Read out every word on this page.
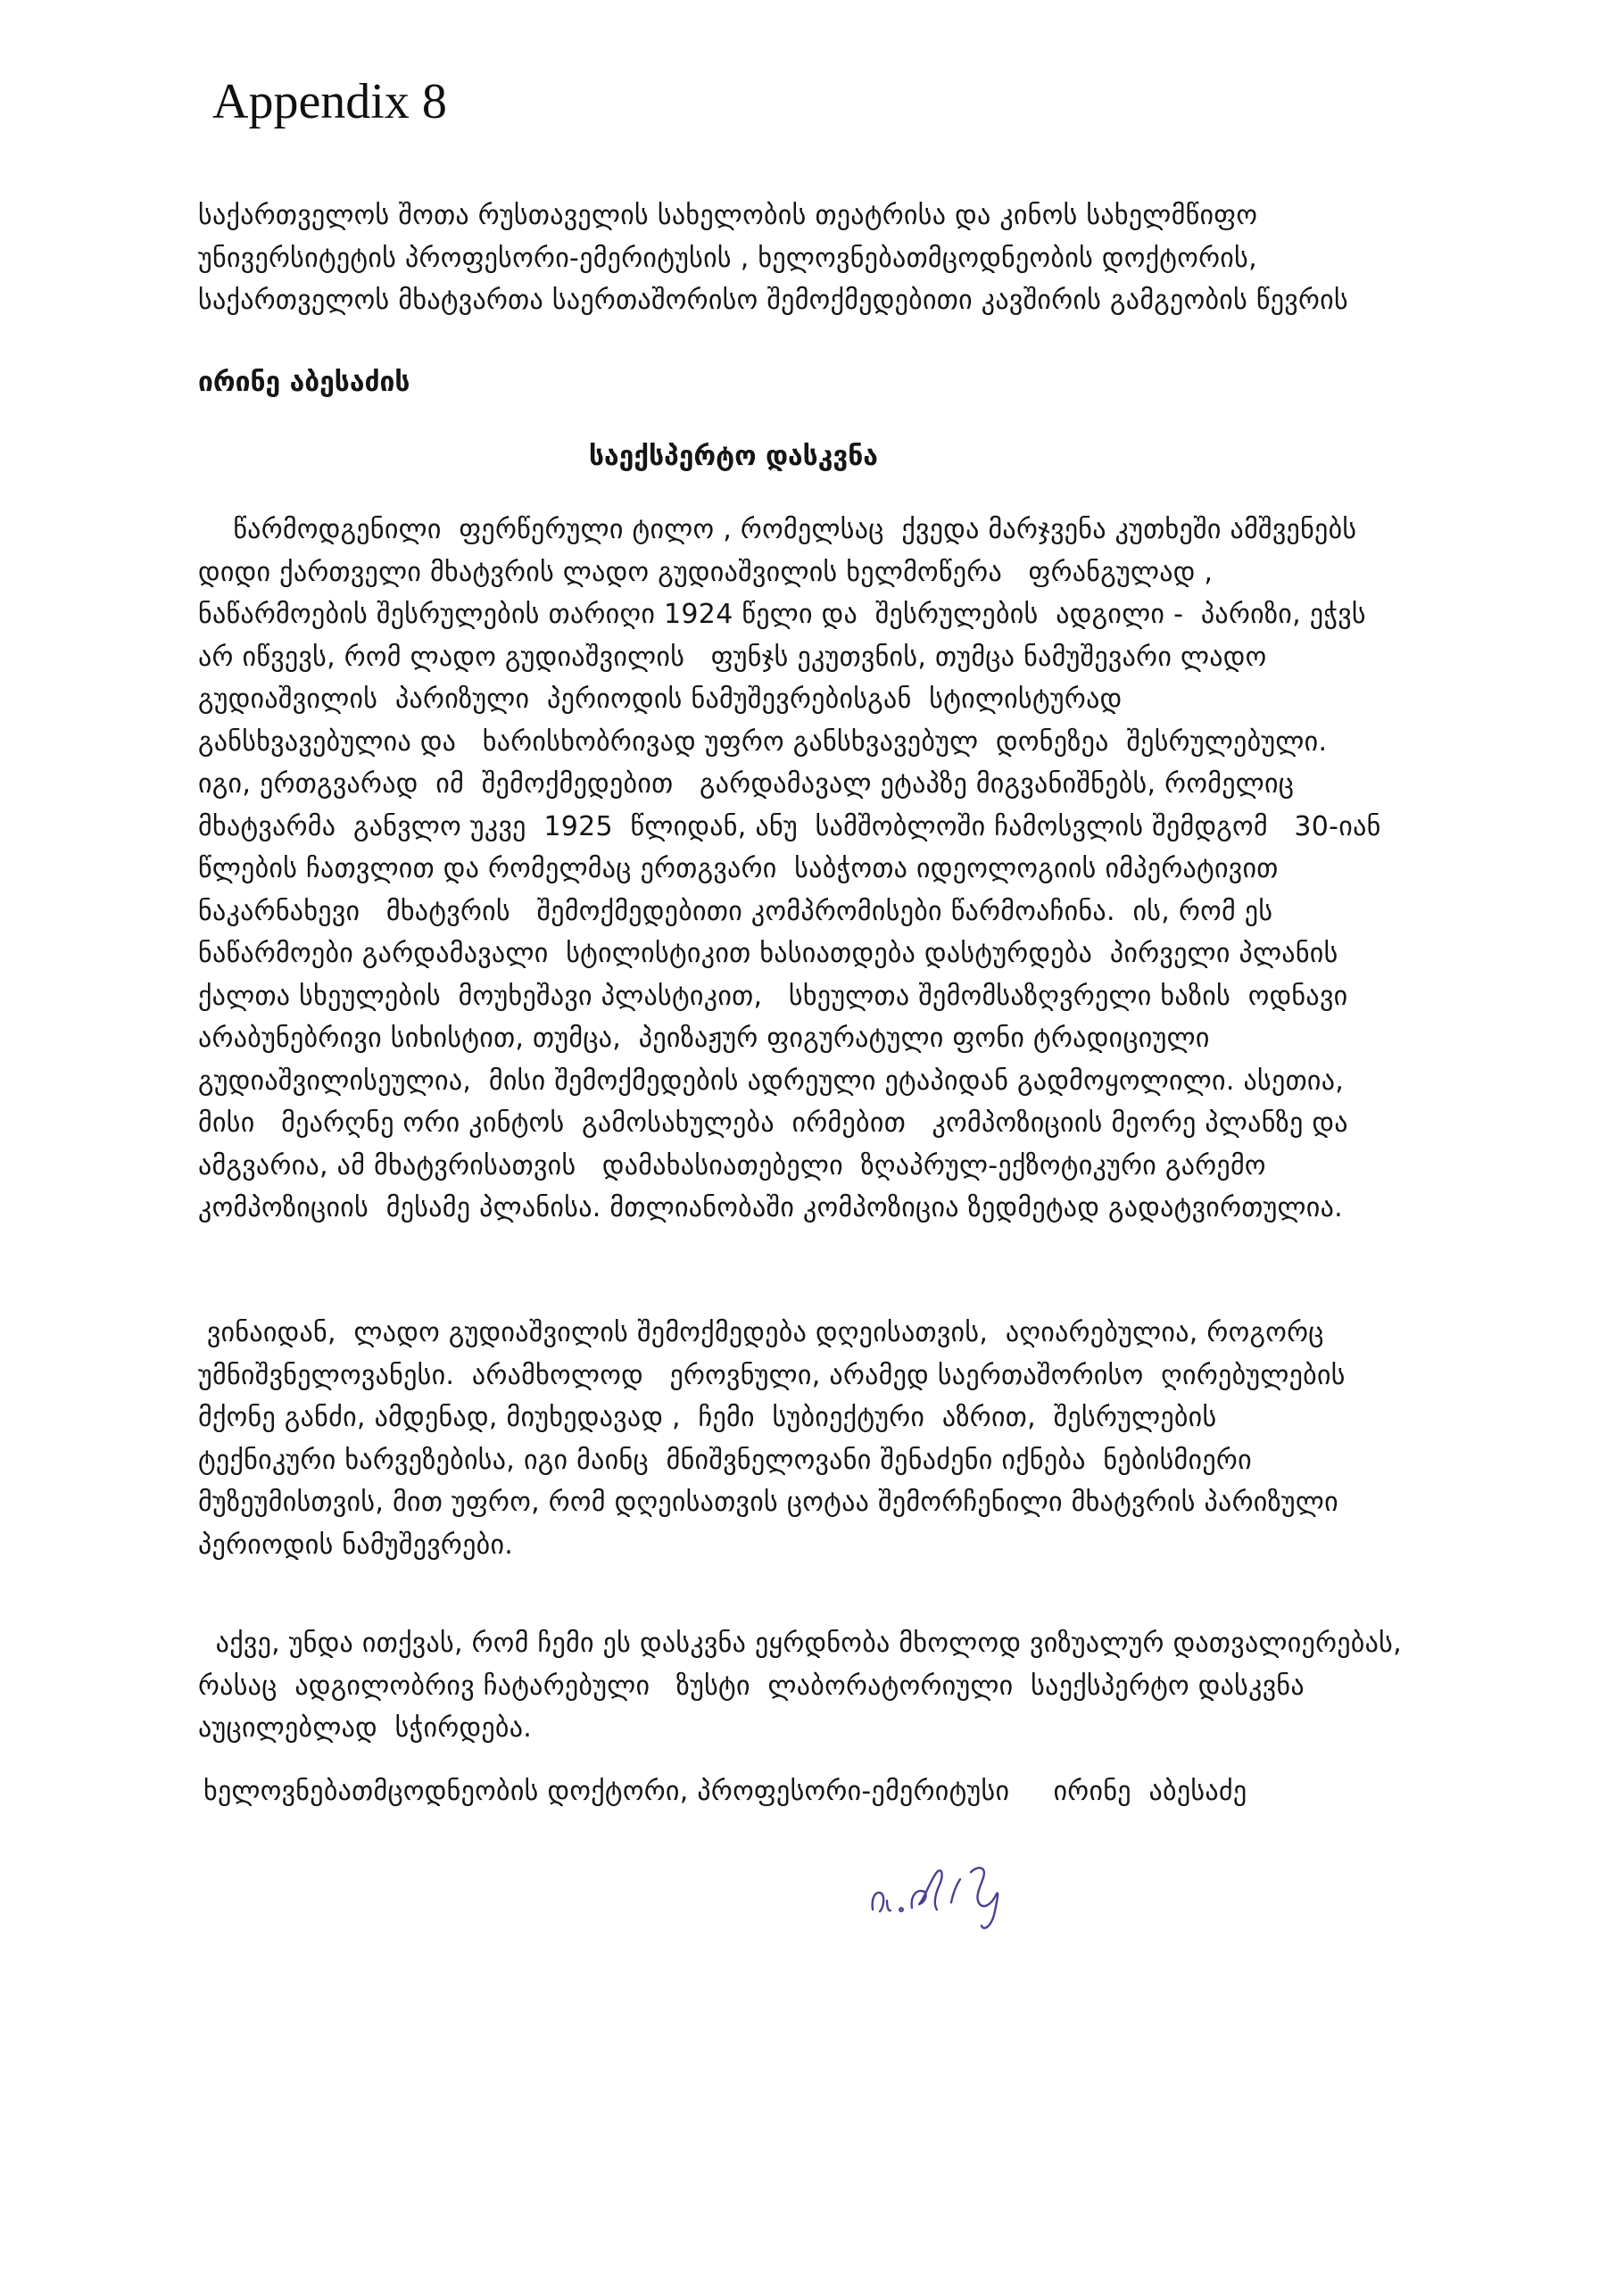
Appendix 8
საქართველოს შოთა რუსთაველის სახელობის თეატრისა და კინოს სახელმწიფო
უნივერსიტეტის პროფესორი-ემერიტუსის , ხელოვნებათმცოდნეობის დოქტორის,
საქართველოს მხატვართა საერთაშორისო შემოქმედებითი კავშირის გამგეობის წევრის
ირინე აბესაძის
საექსპერტო დასკვნა
წარმოდგენილი  ფერწერული ტილო , რომელსაც  ქვედა მარჯვენა კუთხეში ამშვენებს
დიდი ქართველი მხატვრის ლადო გუდიაშვილის ხელმოწერა   ფრანგულად ,
ნაწარმოების შესრულების თარიღი 1924 წელი და  შესრულების  ადგილი -  პარიზი, ეჭვს
არ იწვევს, რომ ლადო გუდიაშვილის   ფუნჯს ეკუთვნის, თუმცა ნამუშევარი ლადო
გუდიაშვილის  პარიზული  პერიოდის ნამუშევრებისგან  სტილისტურად
განსხვავებულია და   ხარისხობრივად უფრო განსხვავებულ  დონეზეა  შესრულებული.
იგი, ერთგვარად  იმ  შემოქმედებით   გარდამავალ ეტაპზე მიგვანიშნებს, რომელიც
მხატვარმა  განვლო უკვე  1925  წლიდან, ანუ  სამშობლოში ჩამოსვლის შემდგომ   30-იან
წლების ჩათვლით და რომელმაც ერთგვარი  საბჭოთა იდეოლოგიის იმპერატივით
ნაკარნახევი   მხატვრის   შემოქმედებითი კომპრომისები წარმოაჩინა.  ის, რომ ეს
ნაწარმოები გარდამავალი  სტილისტიკით ხასიათდება დასტურდება  პირველი პლანის
ქალთა სხეულების  მოუხეშავი პლასტიკით,   სხეულთა შემომსაზღვრელი ხაზის  ოდნავი
არაბუნებრივი სიხისტით, თუმცა,  პეიზაჟურ ფიგურატული ფონი ტრადიციული
გუდიაშვილისეულია,  მისი შემოქმედების ადრეული ეტაპიდან გადმოყოლილი. ასეთია,
მისი   მეარღნე ორი კინტოს  გამოსახულება  ირმებით   კომპოზიციის მეორე პლანზე და
ამგვარია, ამ მხატვრისათვის   დამახასიათებელი  ზღაპრულ-ექზოტიკური გარემო
კომპოზიციის  მესამე პლანისა. მთლიანობაში კომპოზიცია ზედმეტად გადატვირთულია.
ვინაიდან,  ლადო გუდიაშვილის შემოქმედება დღეისათვის,  აღიარებულია, როგორც
უმნიშვნელოვანესი.  არამხოლოდ   ეროვნული, არამედ საერთაშორისო  ღირებულების
მქონე განძი, ამდენად, მიუხედავად ,  ჩემი  სუბიექტური  აზრით,  შესრულების
ტექნიკური ხარვეზებისა, იგი მაინც  მნიშვნელოვანი შენაძენი იქნება  ნებისმიერი
მუზეუმისთვის, მით უფრო, რომ დღეისათვის ცოტაა შემორჩენილი მხატვრის პარიზული
პერიოდის ნამუშევრები.
აქვე, უნდა ითქვას, რომ ჩემი ეს დასკვნა ეყრდნობა მხოლოდ ვიზუალურ დათვალიერებას,
რასაც  ადგილობრივ ჩატარებული   ზუსტი  ლაბორატორიული  საექსპერტო დასკვნა
აუცილებლად  სჭირდება.
ხელოვნებათმცოდნეობის დოქტორი, პროფესორი-ემერიტუსი     ირინე  აბესაძე
